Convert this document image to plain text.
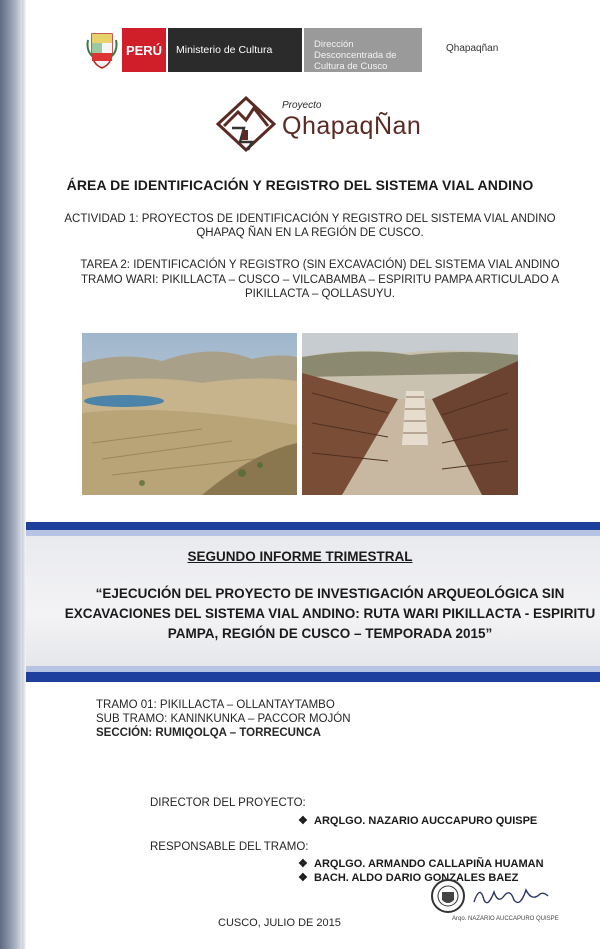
PERÚ	Ministerio de Cultura	Dirección Desconcentrada de Cultura de Cusco
Qhapaqñan
Proyecto
QhapaqÑan
ÁREA DE IDENTIFICACIÓN Y REGISTRO DEL SISTEMA VIAL ANDINO
ACTIVIDAD 1: PROYECTOS DE IDENTIFICACIÓN Y REGISTRO DEL SISTEMA VIAL ANDINO QHAPAQ ÑAN EN LA REGIÓN DE CUSCO.
TAREA 2: IDENTIFICACIÓN Y REGISTRO (SIN EXCAVACIÓN) DEL SISTEMA VIAL ANDINO TRAMO WARI: PIKILLACTA – CUSCO – VILCABAMBA – ESPIRITU PAMPA ARTICULADO A PIKILLACTA – QOLLASUYU.
SEGUNDO INFORME TRIMESTRAL
“EJECUCIÓN DEL PROYECTO DE INVESTIGACIÓN ARQUEOLÓGICA SIN EXCAVACIONES DEL SISTEMA VIAL ANDINO: RUTA WARI PIKILLACTA - ESPIRITU PAMPA, REGIÓN DE CUSCO – TEMPORADA 2015”
TRAMO 01: PIKILLACTA – OLLANTAYTAMBO
SUB TRAMO: KANINKUNKA – PACCOR MOJÓN
SECCIÓN: RUMIQOLQA – TORRECUNCA
DIRECTOR DEL PROYECTO:
❖ ARQLGO. NAZARIO AUCCAPURO QUISPE
RESPONSABLE DEL TRAMO:
❖ ARQLGO. ARMANDO CALLAPIÑA HUAMAN
❖ BACH. ALDO DARIO GONZALES BAEZ
Arqo. NAZARIO AUCCAPURO QUISPE
CUSCO, JULIO DE 2015
